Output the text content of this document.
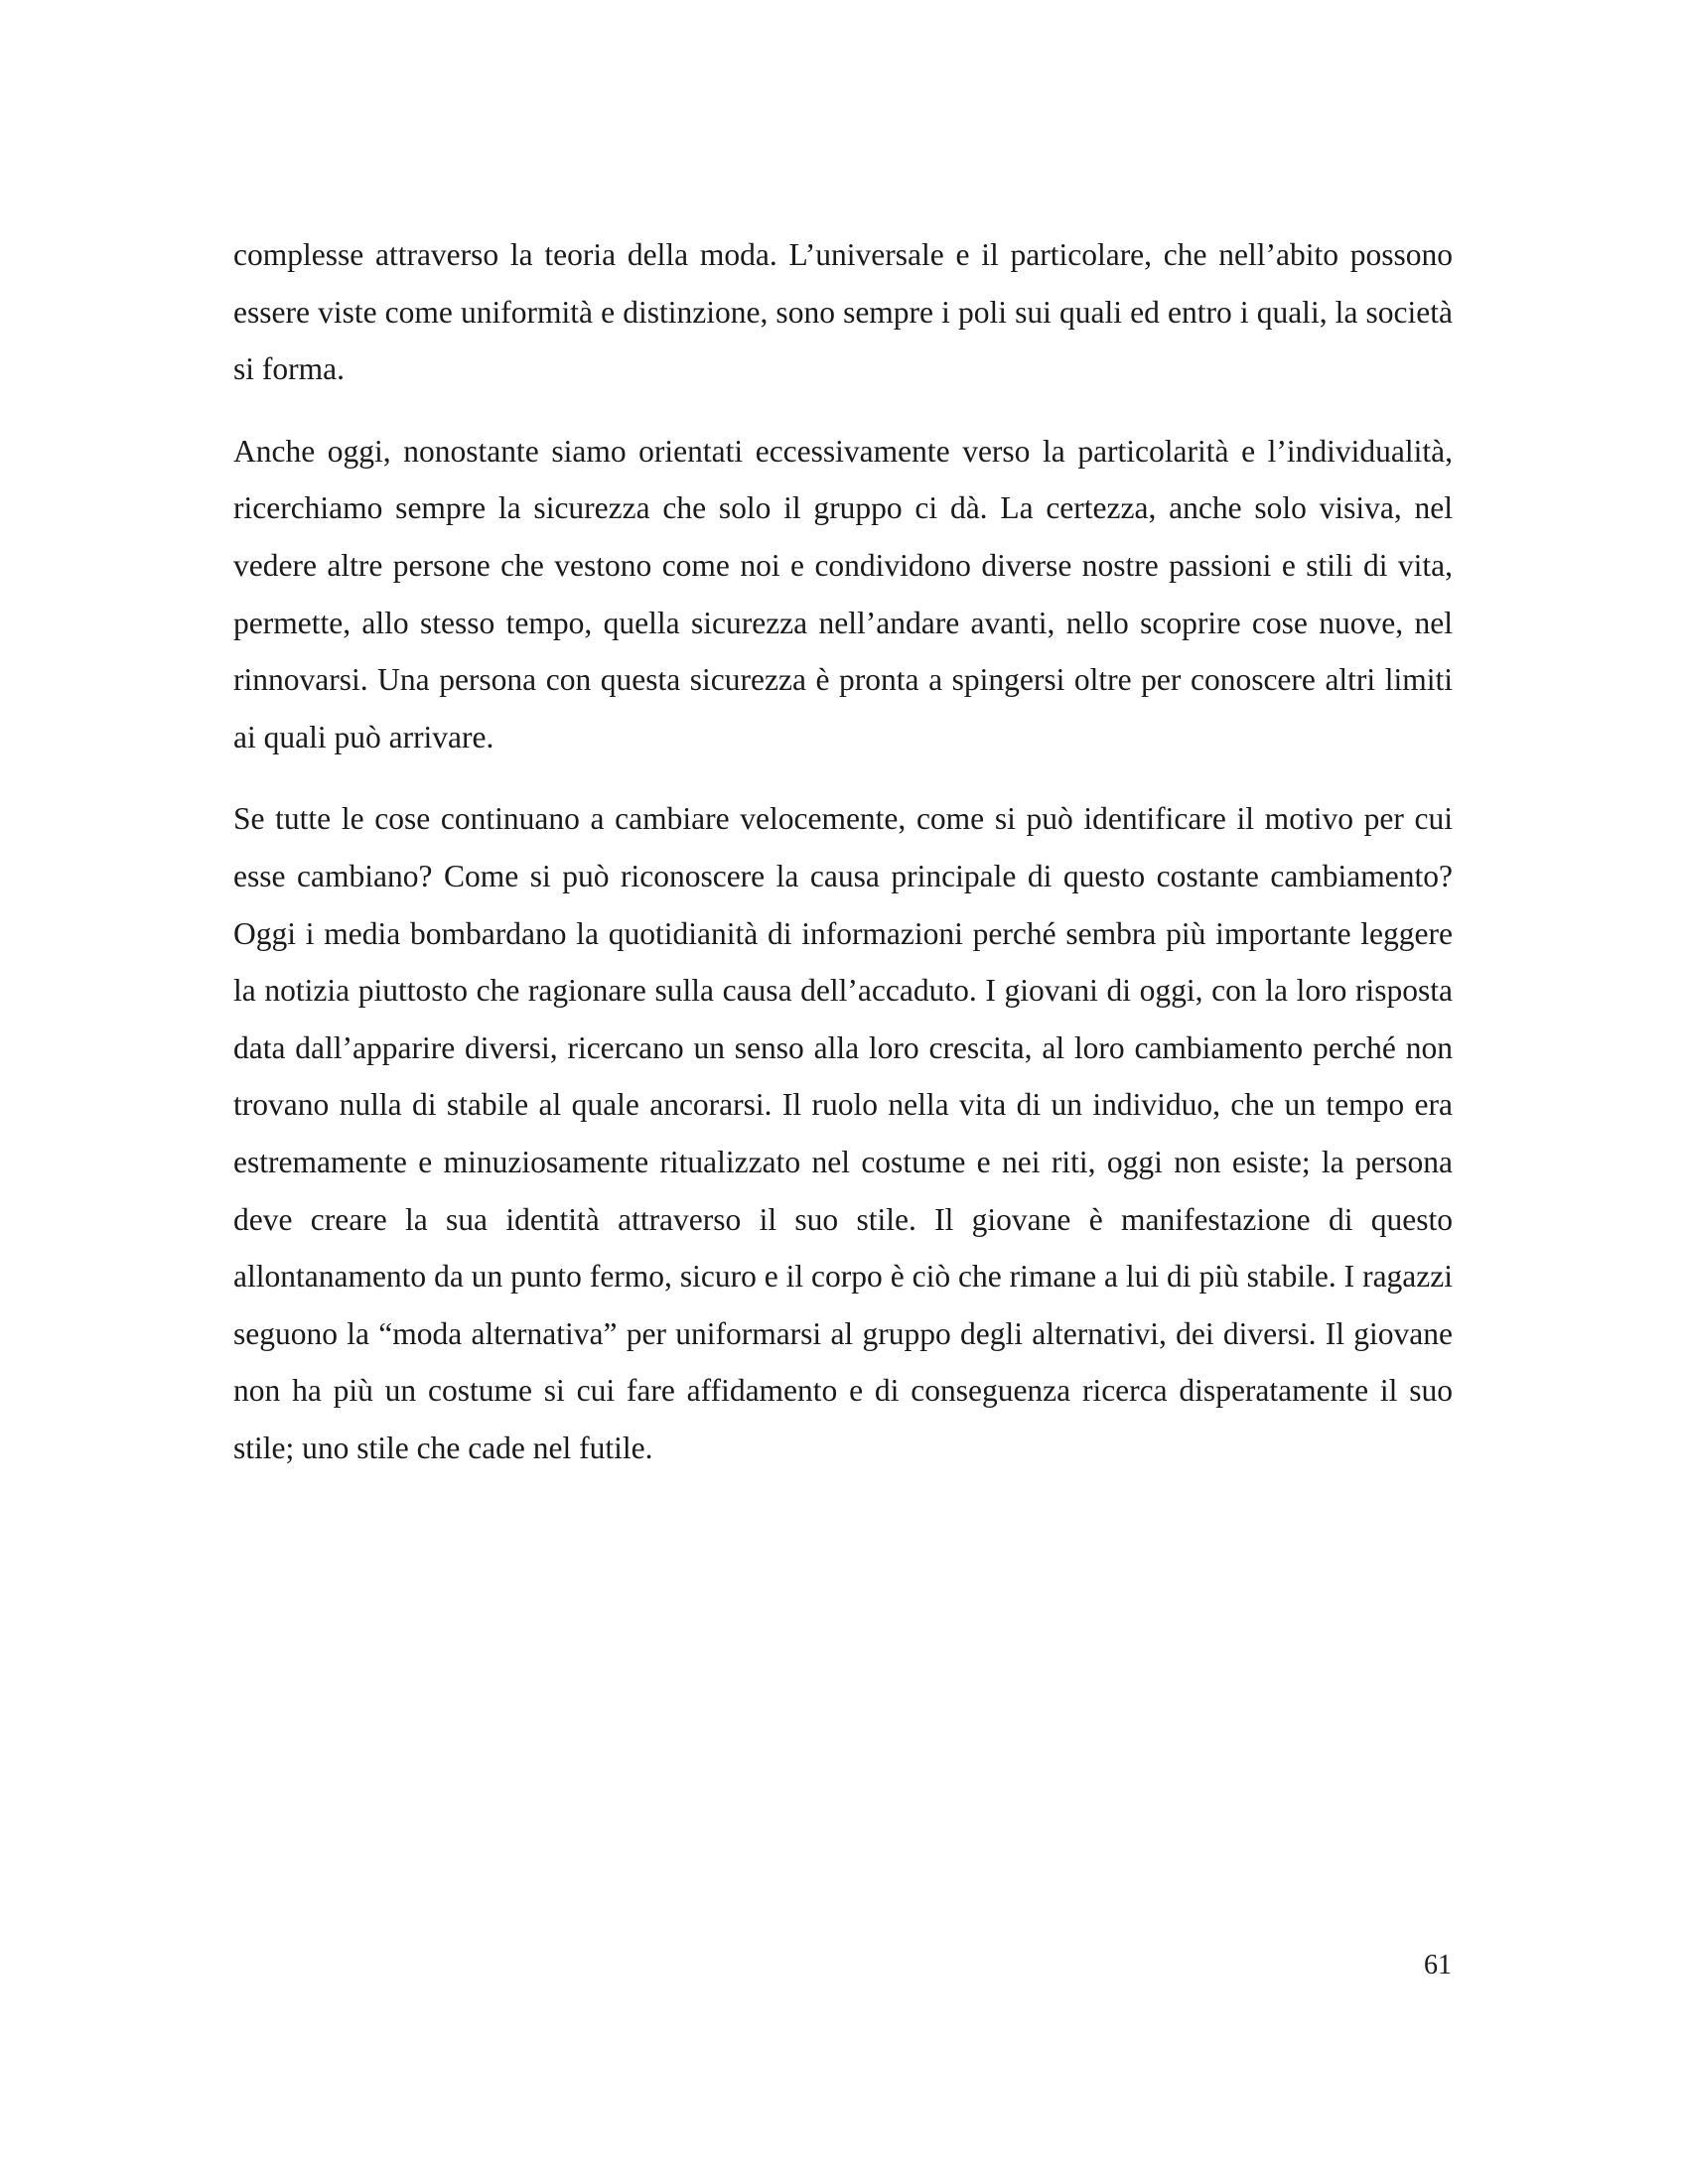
complesse attraverso la teoria della moda. L’universale e il particolare, che nell’abito possono essere viste come uniformità e distinzione, sono sempre i poli sui quali ed entro i quali, la società si forma.

Anche oggi, nonostante siamo orientati eccessivamente verso la particolarità e l’individualità, ricerchiamo sempre la sicurezza che solo il gruppo ci dà. La certezza, anche solo visiva, nel vedere altre persone che vestono come noi e condividono diverse nostre passioni e stili di vita, permette, allo stesso tempo, quella sicurezza nell’andare avanti, nello scoprire cose nuove, nel rinnovarsi. Una persona con questa sicurezza è pronta a spingersi oltre per conoscere altri limiti ai quali può arrivare.

Se tutte le cose continuano a cambiare velocemente, come si può identificare il motivo per cui esse cambiano? Come si può riconoscere la causa principale di questo costante cambiamento? Oggi i media bombardano la quotidianità di informazioni perché sembra più importante leggere la notizia piuttosto che ragionare sulla causa dell’accaduto. I giovani di oggi, con la loro risposta data dall’apparire diversi, ricercano un senso alla loro crescita, al loro cambiamento perché non trovano nulla di stabile al quale ancorarsi. Il ruolo nella vita di un individuo, che un tempo era estremamente e minuziosamente ritualizzato nel costume e nei riti, oggi non esiste; la persona deve creare la sua identità attraverso il suo stile. Il giovane è manifestazione di questo allontanamento da un punto fermo, sicuro e il corpo è ciò che rimane a lui di più stabile. I ragazzi seguono la “moda alternativa” per uniformarsi al gruppo degli alternativi, dei diversi. Il giovane non ha più un costume si cui fare affidamento e di conseguenza ricerca disperatamente il suo stile; uno stile che cade nel futile.

61
